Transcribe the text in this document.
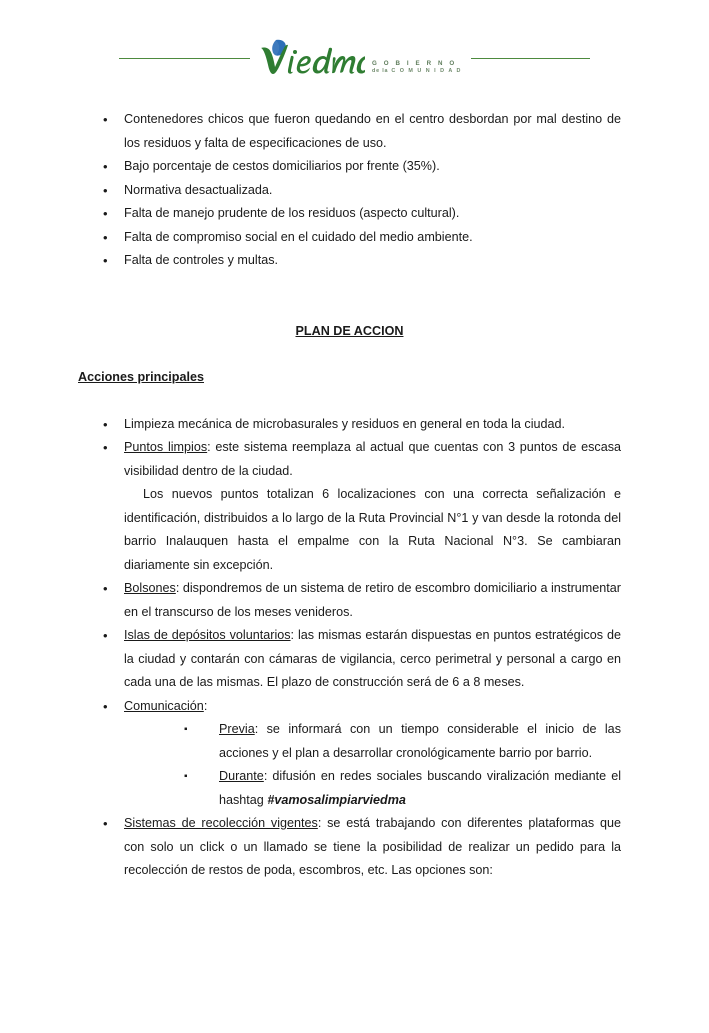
G O B I E R N O
de la C O M U N I D A D
• Contenedores chicos que fueron quedando en el centro desbordan por mal destino de los residuos y falta de especificaciones de uso.
• Bajo porcentaje de cestos domiciliarios por frente (35%).
• Normativa desactualizada.
• Falta de manejo prudente de los residuos (aspecto cultural).
• Falta de compromiso social en el cuidado del medio ambiente.
• Falta de controles y multas.

PLAN DE ACCION

Acciones principales

• Limpieza mecánica de microbasurales y residuos en general en toda la ciudad.
• Puntos limpios: este sistema reemplaza al actual que cuentas con 3 puntos de escasa visibilidad dentro de la ciudad.
Los nuevos puntos totalizan 6 localizaciones con una correcta señalización e identificación, distribuidos a lo largo de la Ruta Provincial N°1 y van desde la rotonda del barrio Inalauquen hasta el empalme con la Ruta Nacional N°3. Se cambiaran diariamente sin excepción.
• Bolsones: dispondremos de un sistema de retiro de escombro domiciliario a instrumentar en el transcurso de los meses venideros.
• Islas de depósitos voluntarios: las mismas estarán dispuestas en puntos estratégicos de la ciudad y contarán con cámaras de vigilancia, cerco perimetral y personal a cargo en cada una de las mismas. El plazo de construcción será de 6 a 8 meses.
• Comunicación:
▪ Previa: se informará con un tiempo considerable el inicio de las acciones y el plan a desarrollar cronológicamente barrio por barrio.
▪ Durante: difusión en redes sociales buscando viralización mediante el hashtag #vamosalimpiarviedma
• Sistemas de recolección vigentes: se está trabajando con diferentes plataformas que con solo un click o un llamado se tiene la posibilidad de realizar un pedido para la recolección de restos de poda, escombros, etc. Las opciones son:
